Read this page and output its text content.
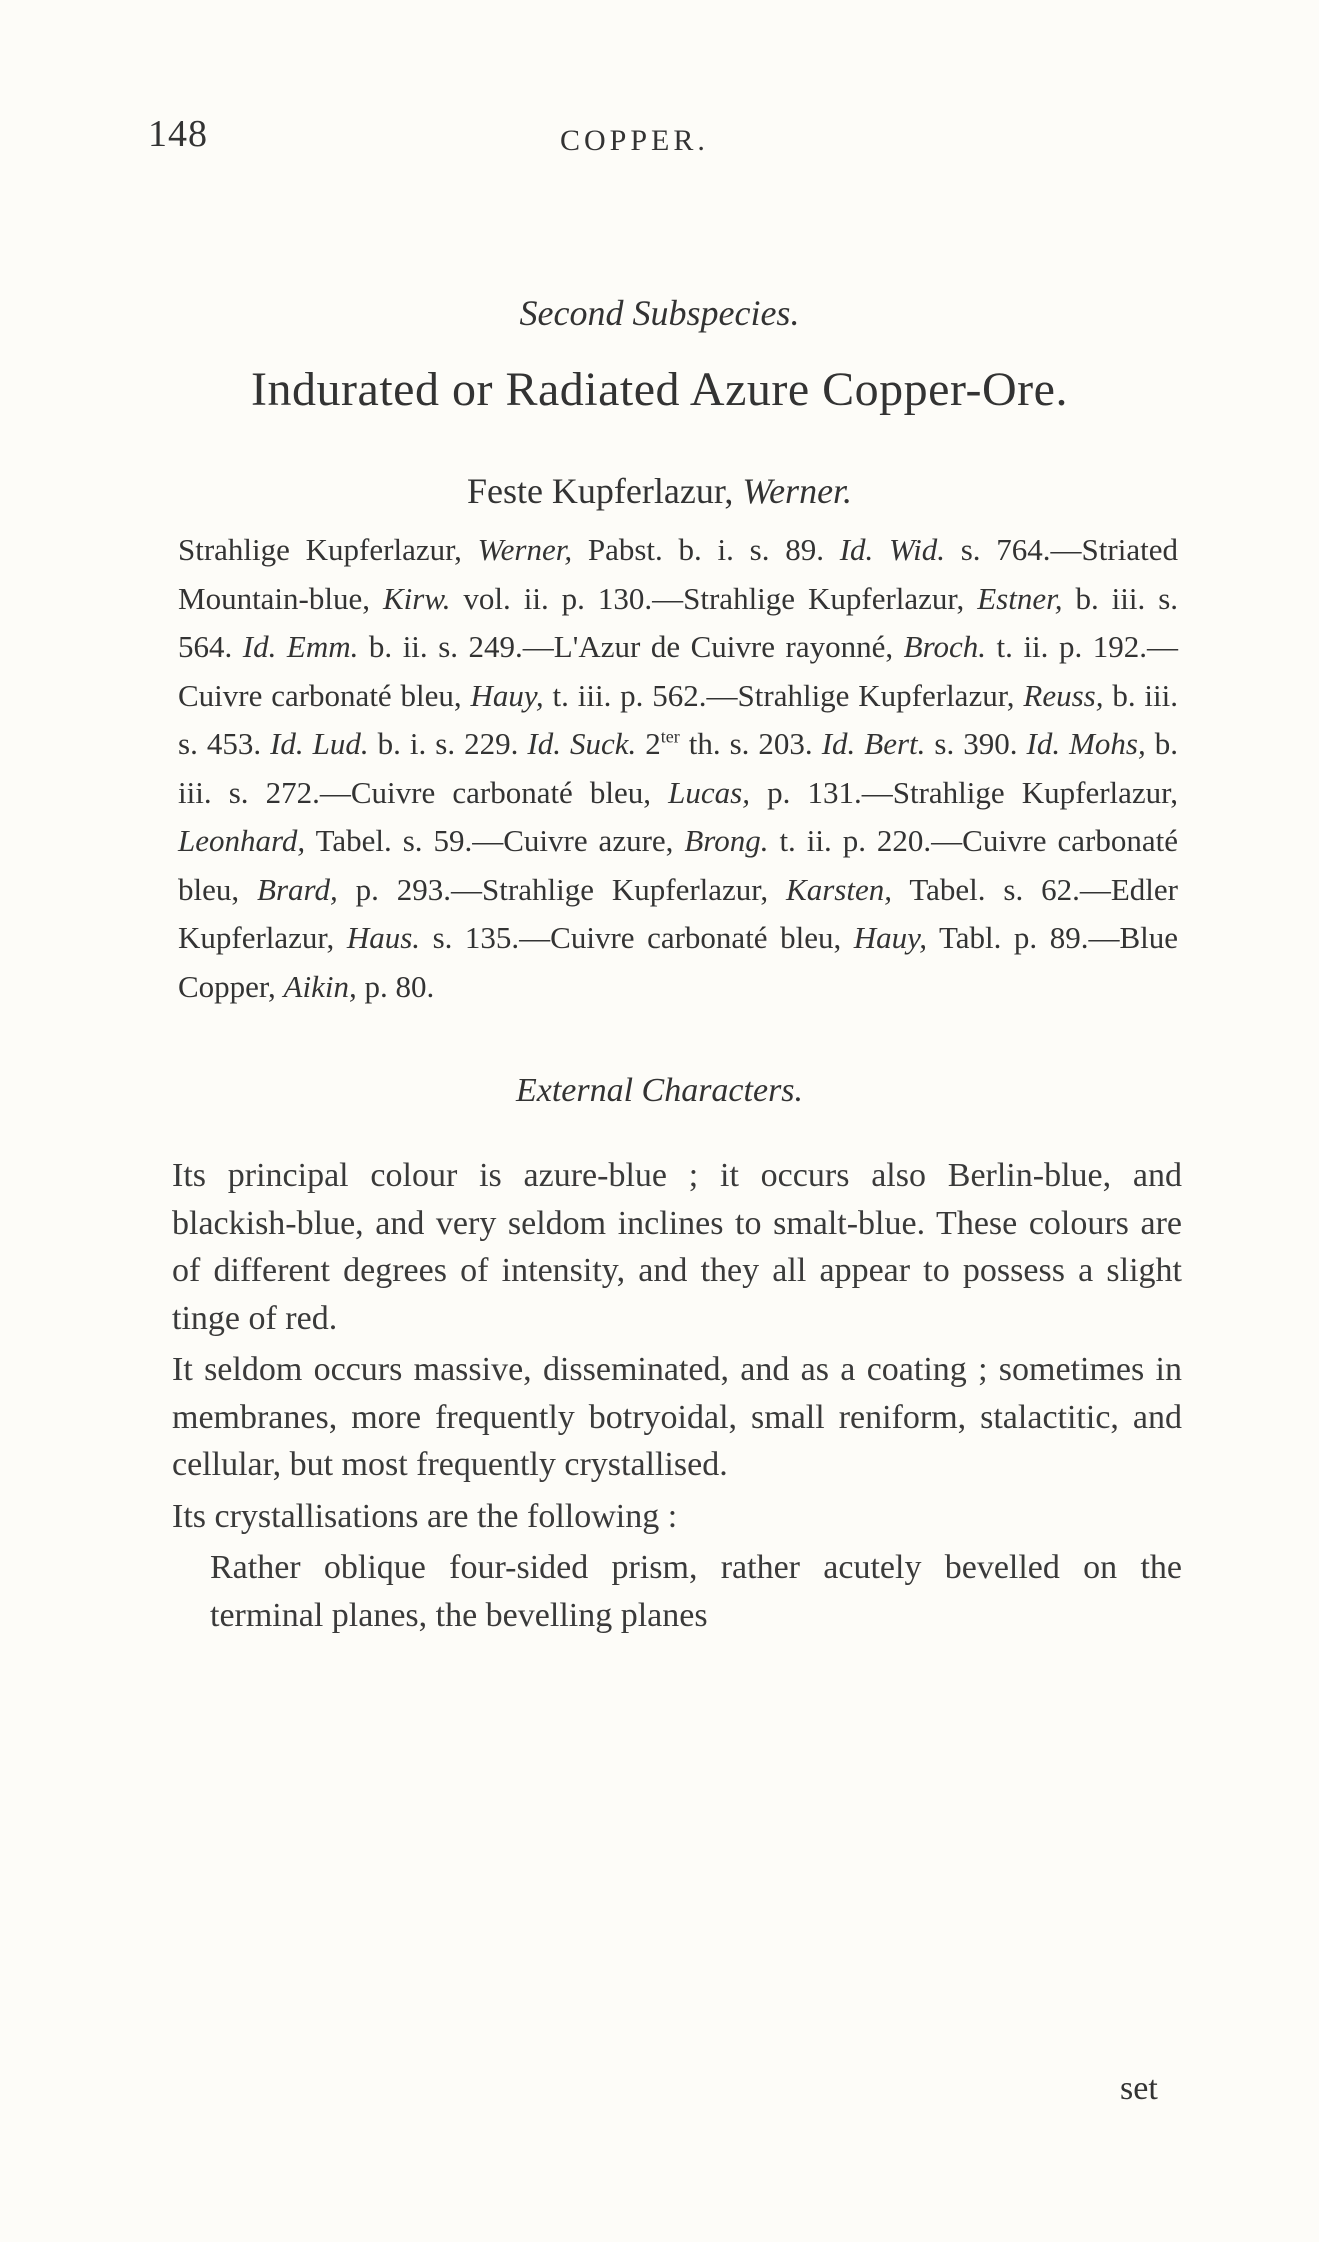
148	COPPER.
Second Subspecies.
Indurated or Radiated Azure Copper-Ore.
Feste Kupferlazur, Werner.
Strahlige Kupferlazur, Werner, Pabst. b. i. s. 89. Id. Wid. s. 764.—Striated Mountain-blue, Kirw. vol. ii. p. 130.—Strahlige Kupferlazur, Estner, b. iii. s. 564. Id. Emm. b. ii. s. 249.—L'Azur de Cuivre rayonné, Broch. t. ii. p. 192.—Cuivre carbonaté bleu, Hauy, t. iii. p. 562.—Strahlige Kupferlazur, Reuss, b. iii. s. 453. Id. Lud. b. i. s. 229. Id. Suck. $2^{ter}$ th. s. 203. Id. Bert. s. 390. Id. Mohs, b. iii. s. 272.—Cuivre carbonaté bleu, Lucas, p. 131.—Strahlige Kupferlazur, Leonhard, Tabel. s. 59.—Cuivre azure, Brong. t. ii. p. 220.—Cuivre carbonaté bleu, Brard, p. 293.—Strahlige Kupferlazur, Karsten, Tabel. s. 62.—Edler Kupferlazur, Haus. s. 135.—Cuivre carbonaté bleu, Hauy, Tabl. p. 89.—Blue Copper, Aikin, p. 80.
External Characters.

Its principal colour is azure-blue ; it occurs also Berlin-blue, and blackish-blue, and very seldom inclines to smalt-blue. These colours are of different degrees of intensity, and they all appear to possess a slight tinge of red.

It seldom occurs massive, disseminated, and as a coating ; sometimes in membranes, more frequently botryoidal, small reniform, stalactitic, and cellular, but most frequently crystallised.

Its crystallisations are the following :

Rather oblique four-sided prism, rather acutely bevelled on the terminal planes, the bevelling planes

set
